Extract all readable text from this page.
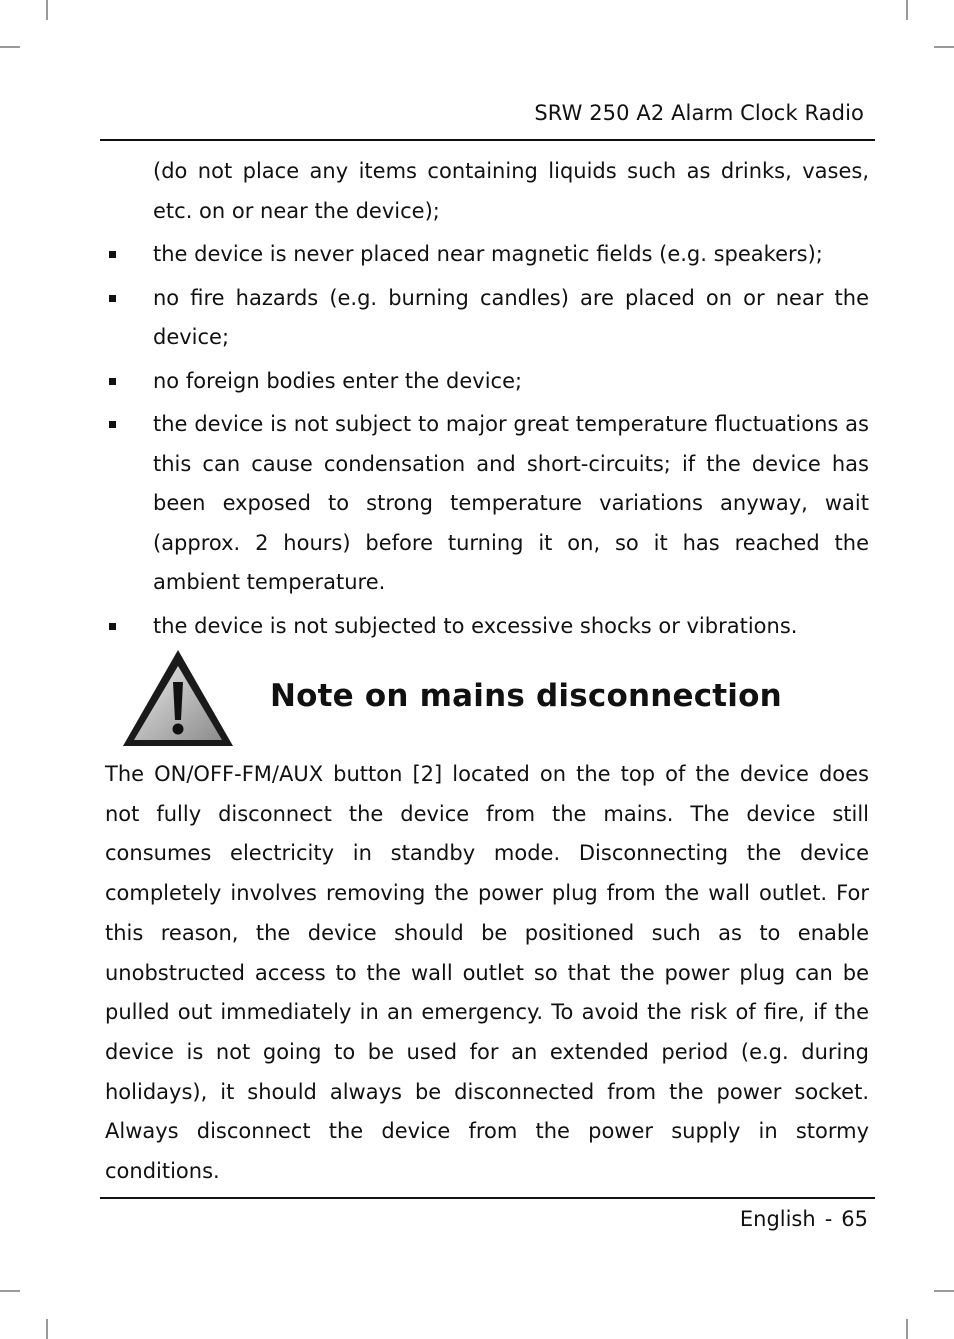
SRW 250 A2 Alarm Clock Radio

(do not place any items containing liquids such as drinks, vases, etc. on or near the device);

the device is never placed near magnetic fields (e.g. speakers);

no fire hazards (e.g. burning candles) are placed on or near the device;

no foreign bodies enter the device;

the device is not subject to major great temperature fluctuations as this can cause condensation and short-circuits; if the device has been exposed to strong temperature variations anyway, wait (approx. 2 hours) before turning it on, so it has reached the ambient temperature.

the device is not subjected to excessive shocks or vibrations.

Note on mains disconnection

The ON/OFF-FM/AUX button [2] located on the top of the device does not fully disconnect the device from the mains. The device still consumes electricity in standby mode. Disconnecting the device completely involves removing the power plug from the wall outlet. For this reason, the device should be positioned such as to enable unobstructed access to the wall outlet so that the power plug can be pulled out immediately in an emergency. To avoid the risk of fire, if the device is not going to be used for an extended period (e.g. during holidays), it should always be disconnected from the power socket. Always disconnect the device from the power supply in stormy conditions.

English - 65
